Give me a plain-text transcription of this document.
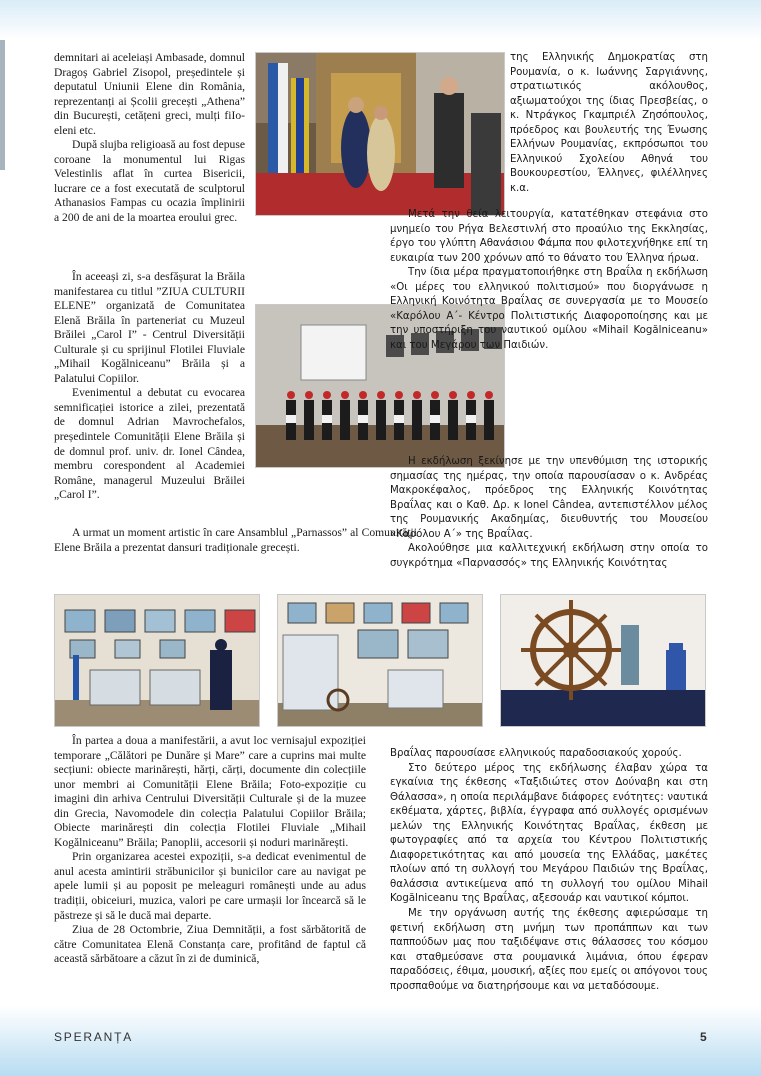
demnitari ai aceleiași Ambasade, domnul Dragoș Gabriel Zisopol, președintele și deputatul Uniunii Elene din România, reprezentanți ai Școlii grecești „Athena” din București, cetățeni greci, mulți fiIo-eleni etc.

După slujba religioasă au fost depuse coroane la monumentul lui Rigas Velestinlis aflat în curtea Bisericii, lucrare ce a fost executată de sculptorul Athanasios Fampas cu ocazia împlinirii a 200 de ani de la moartea eroului grec.

În aceeași zi, s-a desfășurat la Brăila manifestarea cu titlul ”ZIUA CULTURII ELENE” organizată de Comunitatea Elenă Brăila în parteneriat cu Muzeul Brăilei „Carol I” - Centrul Diversității Culturale și cu sprijinul Flotilei Fluviale „Mihail Kogălniceanu” Brăila și a Palatului Copiilor.

Evenimentul a debutat cu evocarea semnificației istorice a zilei, prezentată de domnul Adrian Mavrochefalos, președintele Comunității Elene Brăila și de domnul prof. univ. dr. Ionel Cândea, membru corespondent al Academiei Române, managerul Muzeului Brăilei „Carol I”.

A urmat un moment artistic în care Ansamblul „Parnassos” al Comunității Elene Brăila a prezentat dansuri tradiționale grecești.

της Ελληνικής Δημοκρατίας στη Ρουμανία, ο κ. Ιωάννης Σαργιάννης, στρατιωτικός ακόλουθος, αξιωματούχοι της ίδιας Πρεσβείας, ο κ. Ντράγκος Γκαμπριέλ Ζησόπουλος, πρόεδρος και βουλευτής της Ένωσης Ελλήνων Ρουμανίας, εκπρόσωποι του Ελληνικού Σχολείου Αθηνά του Βουκουρεστίου, Έλληνες, φιλέλληνες κ.α.

Μετά την θεία λειτουργία, κατατέθηκαν στεφάνια στο μνημείο του Ρήγα Βελεστινλή στο προαύλιο της Εκκλησίας, έργο του γλύπτη Αθανάσιου Φάμπα που φιλοτεχνήθηκε επί τη ευκαιρία των 200 χρόνων από το θάνατο του Έλληνα ήρωα.

Την ίδια μέρα πραγματοποιήθηκε στη Βραΐλα η εκδήλωση «Οι μέρες του ελληνικού πολιτισμού» που διοργάνωσε η Ελληνική Κοινότητα Βραΐλας σε συνεργασία με το Μουσείο «Καρόλου Α΄- Κέντρο Πολιτιστικής Διαφοροποίησης και με την υποστήριξη του ναυτικού ομίλου «Mihail Kogălniceanu» και του Μεγάρου των Παιδιών.

Η εκδήλωση ξεκίνησε με την υπενθύμιση της ιστορικής σημασίας της ημέρας, την οποία παρουσίασαν ο κ. Ανδρέας Μακροκέφαλος, πρόεδρος της Ελληνικής Κοινότητας Βραΐλας και ο Καθ. Δρ. κ Ionel Cândea, αντεπιστέλλον μέλος της Ρουμανικής Ακαδημίας, διευθυντής του Μουσείου «Καρόλου Α΄» της Βραΐλας.

Ακολούθησε μια καλλιτεχνική εκδήλωση στην οποία το συγκρότημα «Παρνασσός» της Ελληνικής Κοινότητας

În partea a doua a manifestării, a avut loc vernisajul expoziției temporare „Călători pe Dunăre și Mare” care a cuprins mai multe secțiuni: obiecte marinărești, hărți, cărți, documente din colecțiile unor membri ai Comunității Elene Brăila; Foto-expoziție cu imagini din arhiva Centrului Diversității Culturale și de la muzee din Grecia, Navomodele din colecția Palatului Copiilor Brăila; Obiecte marinărești din colecția Flotilei Fluviale „Mihail Kogălniceanu” Brăila; Panoplii, accesorii și noduri marinărești.

Prin organizarea acestei expoziții, s-a dedicat evenimentul de anul acesta amintirii străbunicilor și bunicilor care au navigat pe apele lumii și au poposit pe meleaguri românești unde au adus tradiții, obiceiuri, muzica, valori pe care urmașii lor încearcă să le păstreze și să le ducă mai departe.

Ziua de 28 Octombrie, Ziua Demnității, a fost sărbătorită de către Comunitatea Elenă Constanța care, profitând de faptul că această sărbătoare a căzut în zi de duminică,

Βραΐλας παρουσίασε ελληνικούς παραδοσιακούς χορούς.

Στο δεύτερο μέρος της εκδήλωσης έλαβαν χώρα τα εγκαίνια της έκθεσης «Ταξιδιώτες στον Δούναβη και στη Θάλασσα», η οποία περιλάμβανε διάφορες ενότητες: ναυτικά εκθέματα, χάρτες, βιβλία, έγγραφα από συλλογές ορισμένων μελών της Ελληνικής Κοινότητας Βραΐλας, έκθεση με φωτογραφίες από τα αρχεία του Κέντρου Πολιτιστικής Διαφορετικότητας και από μουσεία της Ελλάδας, μακέτες πλοίων από τη συλλογή του Μεγάρου Παιδιών της Βραΐλας, θαλάσσια αντικείμενα από τη συλλογή του ομίλου Mihail Kogălniceanu της Βραΐλας, αξεσουάρ και ναυτικοί κόμποι.

Με την οργάνωση αυτής της έκθεσης αφιερώσαμε τη φετινή εκδήλωση στη μνήμη των προπάππων και των παππούδων μας που ταξιδέψανε στις θάλασσες του κόσμου και σταθμεύσανε στα ρουμανικά λιμάνια, όπου έφεραν παραδόσεις, έθιμα, μουσική, αξίες που εμείς οι απόγονοι τους προσπαθούμε να διατηρήσουμε και να μεταδόσουμε.

SPERANȚA	5
